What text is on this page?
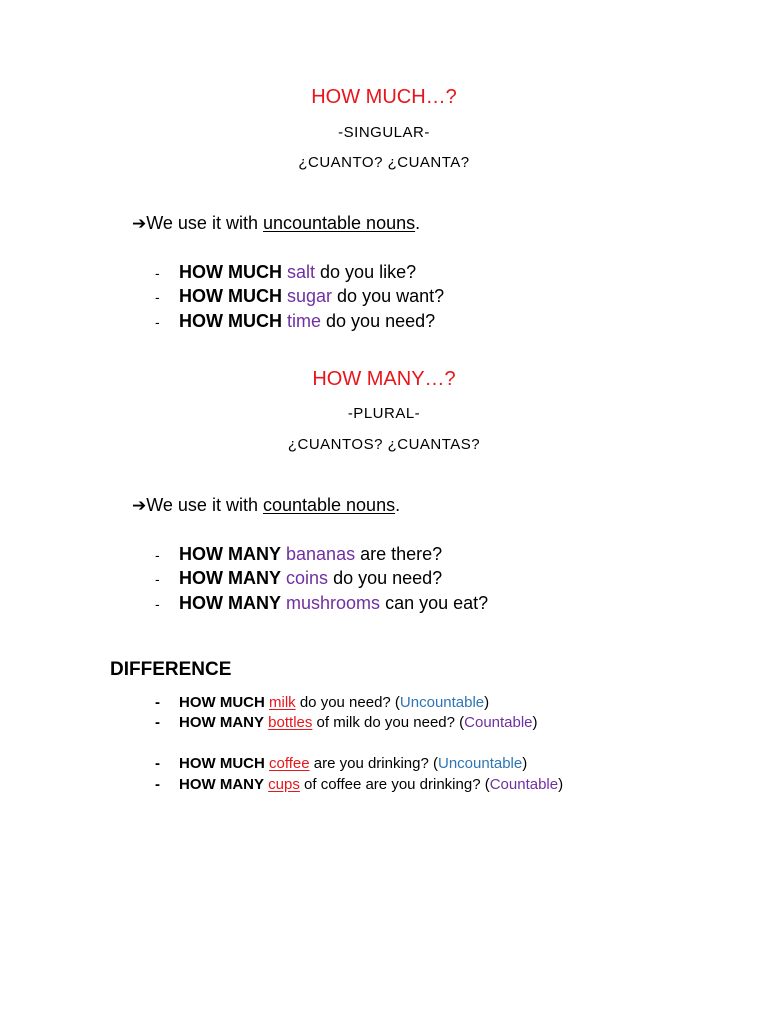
HOW MUCH…?
-SINGULAR-
¿CUANTO? ¿CUANTA?
➔We use it with uncountable nouns.
- HOW MUCH salt do you like?
- HOW MUCH sugar do you want?
- HOW MUCH time do you need?
HOW MANY…?
-PLURAL-
¿CUANTOS? ¿CUANTAS?
➔We use it with countable nouns.
- HOW MANY bananas are there?
- HOW MANY coins do you need?
- HOW MANY mushrooms can you eat?
DIFFERENCE
- HOW MUCH milk do you need? (Uncountable)
- HOW MANY bottles of milk do you need? (Countable)
- HOW MUCH coffee are you drinking? (Uncountable)
- HOW MANY cups of coffee are you drinking? (Countable)
